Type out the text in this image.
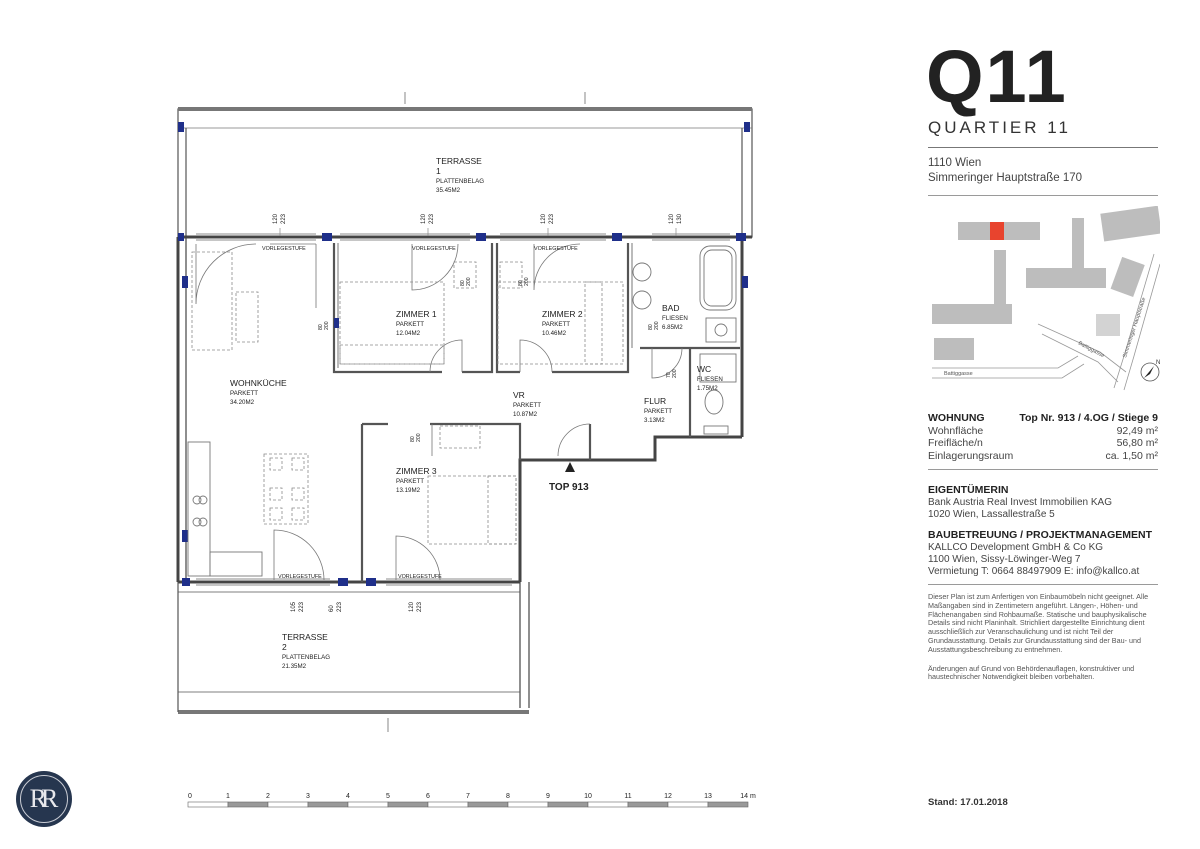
0	1	2	3	4	5	6	7	8	9	10	11	12	13	14 m
TERRASSE
1
PLATTENBELAG
35.45M2
ZIMMER 1
PARKETT
12.04M2
ZIMMER 2
PARKETT
10.46M2
BAD
FLIESEN
6.85M2
WC
FLIESEN
1.75M2
WOHNKÜCHE
PARKETT
34.20M2
VR
PARKETT
10.87M2
FLUR
PARKETT
3.13M2
ZIMMER 3
PARKETT
13.19M2
TERRASSE
2
PLATTENBELAG
21.35M2
TOP 913
VORLEGESTUFE	VORLEGESTUFE	VORLEGESTUFE
VORLEGESTUFE	VORLEGESTUFE
120 223	120 223	120 223	120 130
105 223	60 223	120 223
80 200
80 200	80 200
80 200
70 200
80 200
Q11
QUARTIER 11
1110 Wien
Simmeringer Hauptstraße 170
Battiggasse
Battiggasse	Simmeringer Hauptstraße
N
WOHNUNG	Top Nr. 913 / 4.OG / Stiege 9
Wohnfläche	92,49 m²
Freifläche/n	56,80 m²
Einlagerungsraum	ca. 1,50 m²
EIGENTÜMERIN
Bank Austria Real Invest Immobilien KAG
1020 Wien, Lassallestraße 5
BAUBETREUUNG / PROJEKTMANAGEMENT
KALLCO Development GmbH & Co KG
1100 Wien, Sissy-Löwinger-Weg 7
Vermietung T: 0664 88497909 E: info@kallco.at
Dieser Plan ist zum Anfertigen von Einbaumöbeln nicht geeignet. Alle Maßangaben sind in Zentimetern angeführt. Längen-, Höhen- und Flächenangaben sind Rohbaumaße. Statische und bauphysikalische Details sind nicht Planinhalt. Strichliert dargestellte Einrichtung dient ausschließlich zur Veranschaulichung und ist nicht Teil der Grundausstattung. Details zur Grundausstattung sind der Bau- und Ausstattungsbeschreibung zu entnehmen.
Änderungen auf Grund von Behördenauflagen, konstruktiver und haustechnischer Notwendigkeit bleiben vorbehalten.
Stand: 17.01.2018
RR
